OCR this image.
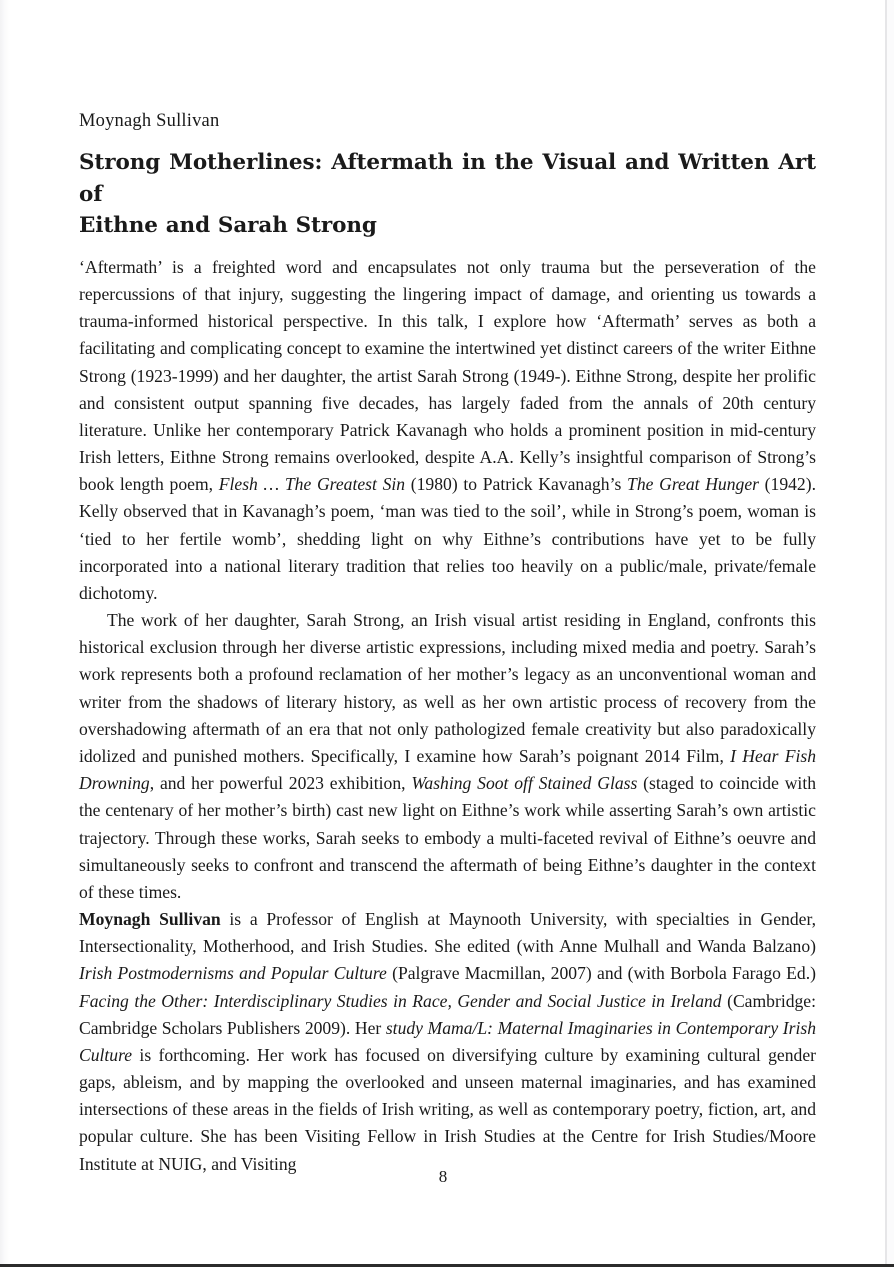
Moynagh Sullivan
Strong Motherlines: Aftermath in the Visual and Written Art of
Eithne and Sarah Strong

‘Aftermath’ is a freighted word and encapsulates not only trauma but the perseveration of the repercussions of that injury, suggesting the lingering impact of damage, and orienting us towards a trauma-informed historical perspective. In this talk, I explore how ‘Aftermath’ serves as both a facilitating and complicating concept to examine the intertwined yet distinct careers of the writer Eithne Strong (1923-1999) and her daughter, the artist Sarah Strong (1949-). Eithne Strong, despite her prolific and consistent output spanning five decades, has largely faded from the annals of 20th century literature. Unlike her contemporary Patrick Kavanagh who holds a prominent position in mid-century Irish letters, Eithne Strong remains overlooked, despite A.A. Kelly’s insightful comparison of Strong’s book length poem, Flesh … The Greatest Sin (1980) to Patrick Kavanagh’s The Great Hunger (1942). Kelly observed that in Kavanagh’s poem, ‘man was tied to the soil’, while in Strong’s poem, woman is ‘tied to her fertile womb’, shedding light on why Eithne’s contributions have yet to be fully incorporated into a national literary tradition that relies too heavily on a public/male, private/female dichotomy.

The work of her daughter, Sarah Strong, an Irish visual artist residing in England, confronts this historical exclusion through her diverse artistic expressions, including mixed media and poetry. Sarah’s work represents both a profound reclamation of her mother’s legacy as an unconventional woman and writer from the shadows of literary history, as well as her own artistic process of recovery from the overshadowing aftermath of an era that not only pathologized female creativity but also paradoxically idolized and punished mothers. Specifically, I examine how Sarah’s poignant 2014 Film, I Hear Fish Drowning, and her powerful 2023 exhibition, Washing Soot off Stained Glass (staged to coincide with the centenary of her mother’s birth) cast new light on Eithne’s work while asserting Sarah’s own artistic trajectory. Through these works, Sarah seeks to embody a multi-faceted revival of Eithne’s oeuvre and simultaneously seeks to confront and transcend the aftermath of being Eithne’s daughter in the context of these times.

Moynagh Sullivan is a Professor of English at Maynooth University, with specialties in Gender, Intersectionality, Motherhood, and Irish Studies. She edited (with Anne Mulhall and Wanda Balzano) Irish Postmodernisms and Popular Culture (Palgrave Macmillan, 2007) and (with Borbola Farago Ed.) Facing the Other: Interdisciplinary Studies in Race, Gender and Social Justice in Ireland (Cambridge: Cambridge Scholars Publishers 2009). Her study Mama/L: Maternal Imaginaries in Contemporary Irish Culture is forthcoming. Her work has focused on diversifying culture by examining cultural gender gaps, ableism, and by mapping the overlooked and unseen maternal imaginaries, and has examined intersections of these areas in the fields of Irish writing, as well as contemporary poetry, fiction, art, and popular culture. She has been Visiting Fellow in Irish Studies at the Centre for Irish Studies/Moore Institute at NUIG, and Visiting

8
